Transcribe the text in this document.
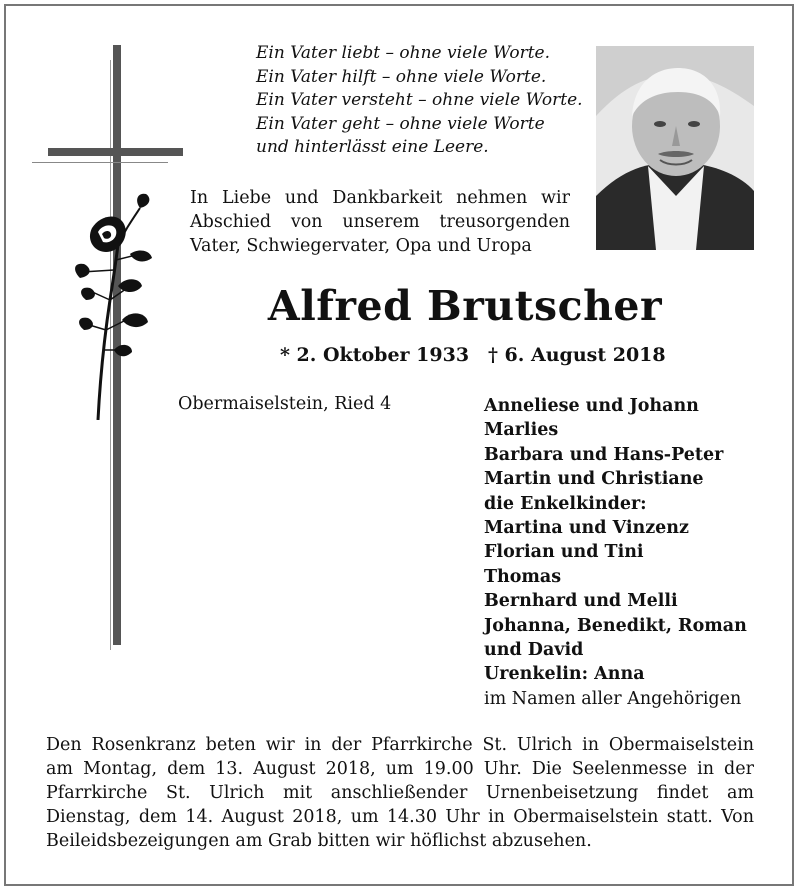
Ein Vater liebt – ohne viele Worte.
Ein Vater hilft – ohne viele Worte.
Ein Vater versteht – ohne viele Worte.
Ein Vater geht – ohne viele Worte
und hinterlässt eine Leere.
In Liebe und Dankbarkeit nehmen wir
Abschied von unserem treusorgenden
Vater, Schwiegervater, Opa und Uropa
Alfred Brutscher
* 2. Oktober 1933 † 6. August 2018
Obermaiselstein, Ried 4	Anneliese und Johann
Marlies
Barbara und Hans-Peter
Martin und Christiane
die Enkelkinder:
Martina und Vinzenz
Florian und Tini
Thomas
Bernhard und Melli
Johanna, Benedikt, Roman
und David
Urenkelin: Anna
im Namen aller Angehörigen
Den Rosenkranz beten wir in der Pfarrkirche St. Ulrich in Obermaiselstein
am Montag, dem 13. August 2018, um 19.00 Uhr. Die Seelenmesse in der
Pfarrkirche St. Ulrich mit anschließender Urnenbeisetzung findet am
Dienstag, dem 14. August 2018, um 14.30 Uhr in Obermaiselstein statt. Von
Beileidsbezeigungen am Grab bitten wir höflichst abzusehen.
